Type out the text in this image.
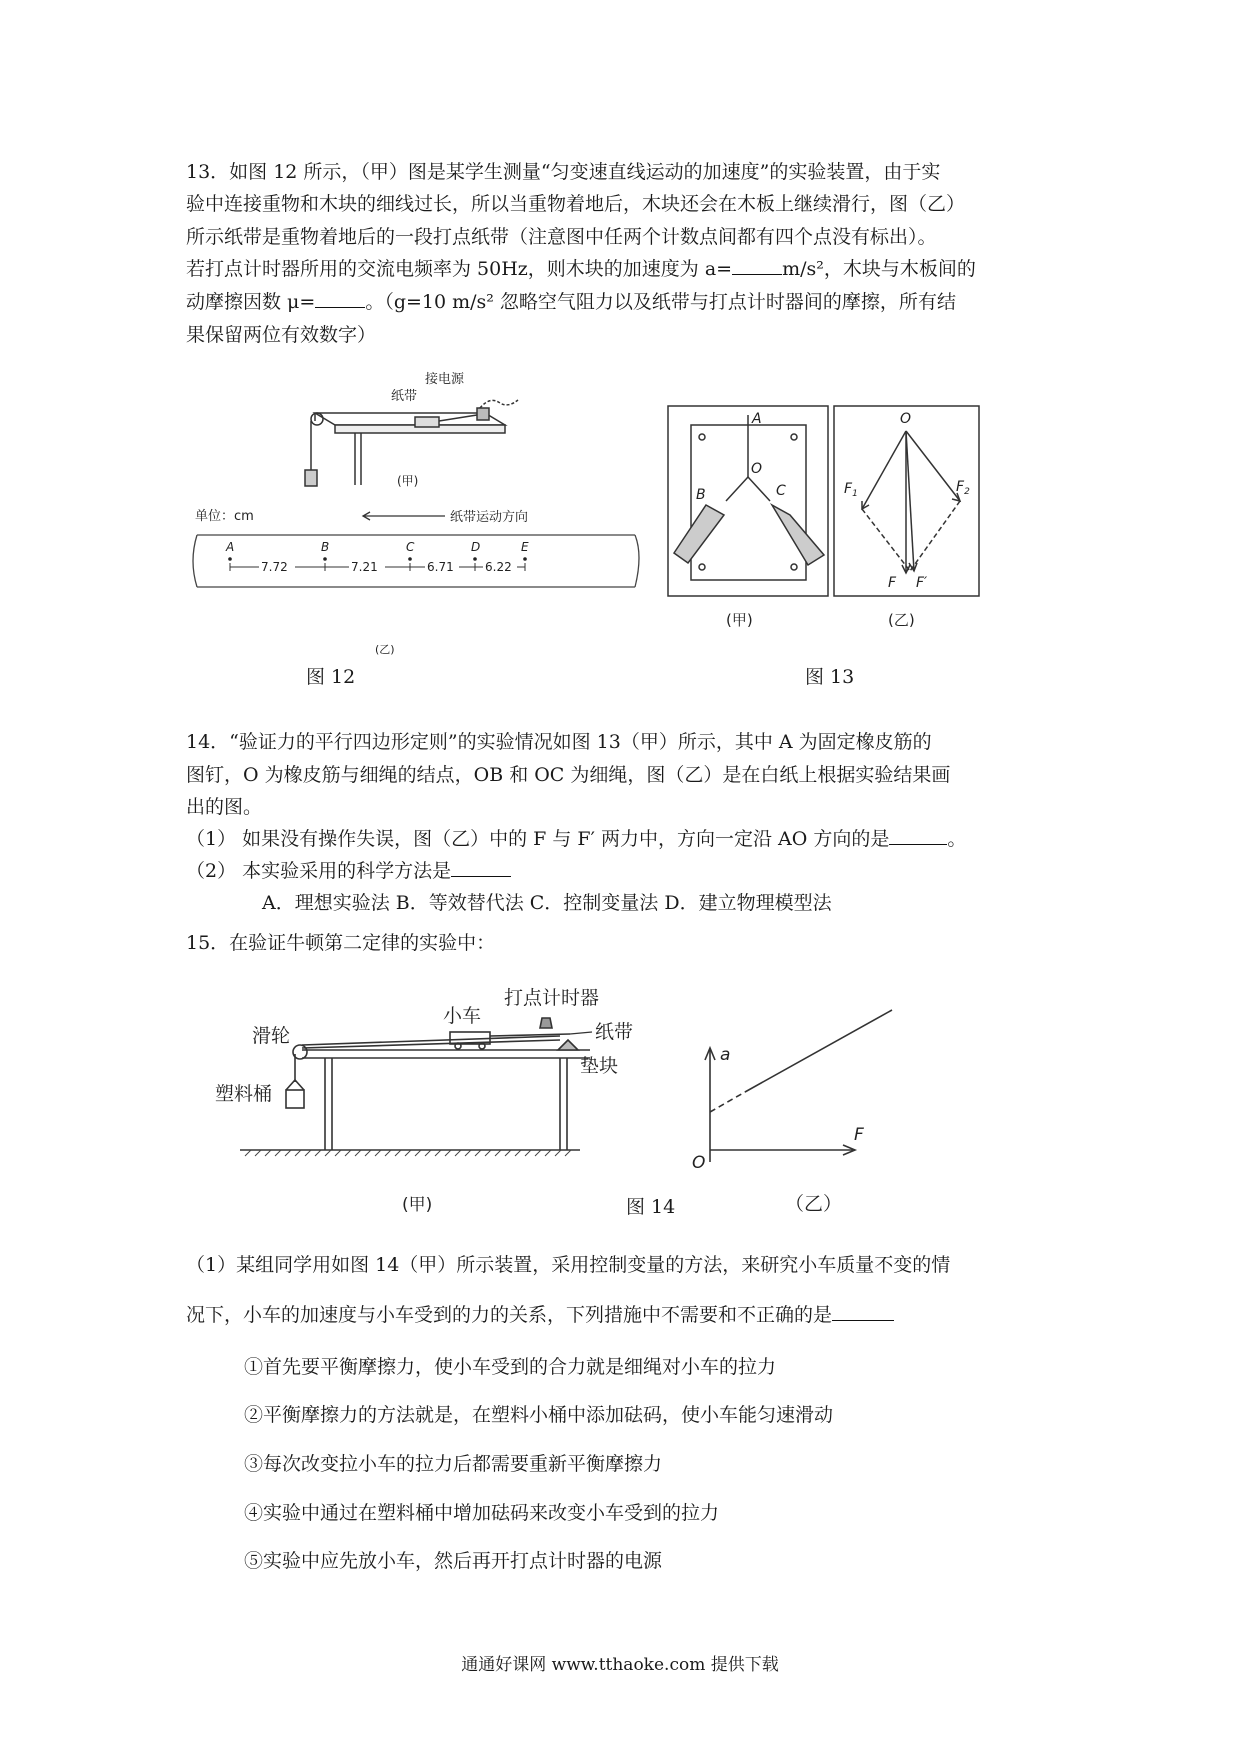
13．如图 12 所示，（甲）图是某学生测量“匀变速直线运动的加速度”的实验装置，由于实
验中连接重物和木块的细线过长，所以当重物着地后，木块还会在木板上继续滑行，图（乙）
所示纸带是重物着地后的一段打点纸带（注意图中任两个计数点间都有四个点没有标出）。
若打点计时器所用的交流电频率为 50Hz，则木块的加速度为 a=	m/s²，木块与木板间的
动摩擦因数 μ=	。（g=10 m/s² 忽略空气阻力以及纸带与打点计时器间的摩擦，所有结
果保留两位有效数字）
接电源
纸带
(甲)
单位：cm	纸带运动方向
A	B	C	D	E
7.72	7.21	6.71	6.22
(乙)
图 12
A
O
B	C
O
$F_1$	$F_2$
F F′
(甲)	(乙)
图 13
14．“验证力的平行四边形定则”的实验情况如图 13（甲）所示，其中 A 为固定橡皮筋的
图钉，O 为橡皮筋与细绳的结点，OB 和 OC 为细绳，图（乙）是在白纸上根据实验结果画
出的图。
（1） 如果没有操作失误，图（乙）中的 F 与 F′ 两力中，方向一定沿 AO 方向的是	。
（2） 本实验采用的科学方法是
A．理想实验法 B．等效替代法 C．控制变量法 D．建立物理模型法
15．在验证牛顿第二定律的实验中：
滑轮
塑料桶
小车
打点计时器
纸带
垫块
(甲)
a
F
O
（乙）
图 14
（1）某组同学用如图 14（甲）所示装置，采用控制变量的方法，来研究小车质量不变的情
况下，小车的加速度与小车受到的力的关系，下列措施中不需要和不正确的是
①首先要平衡摩擦力，使小车受到的合力就是细绳对小车的拉力
②平衡摩擦力的方法就是，在塑料小桶中添加砝码，使小车能匀速滑动
③每次改变拉小车的拉力后都需要重新平衡摩擦力
④实验中通过在塑料桶中增加砝码来改变小车受到的拉力
⑤实验中应先放小车，然后再开打点计时器的电源
通通好课网 www.tthaoke.com 提供下载
